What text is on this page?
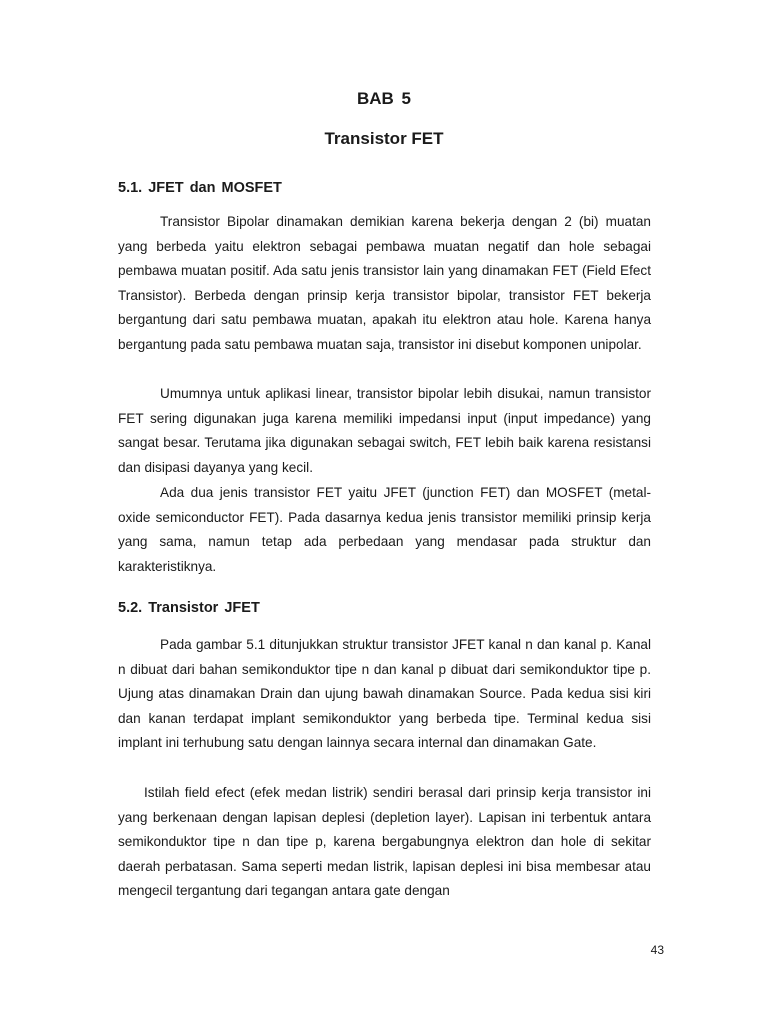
BAB 5
Transistor FET
5.1. JFET dan MOSFET

Transistor Bipolar dinamakan demikian karena bekerja dengan 2 (bi) muatan yang berbeda yaitu elektron sebagai pembawa muatan negatif dan hole sebagai pembawa muatan positif. Ada satu jenis transistor lain yang dinamakan FET (Field Efect Transistor). Berbeda dengan prinsip kerja transistor bipolar, transistor FET bekerja bergantung dari satu pembawa muatan, apakah itu elektron atau hole. Karena hanya bergantung pada satu pembawa muatan saja, transistor ini disebut komponen unipolar.

Umumnya untuk aplikasi linear, transistor bipolar lebih disukai, namun transistor FET sering digunakan juga karena memiliki impedansi input (input impedance) yang sangat besar. Terutama jika digunakan sebagai switch, FET lebih baik karena resistansi dan disipasi dayanya yang kecil.

Ada dua jenis transistor FET yaitu JFET (junction FET) dan MOSFET (metal-oxide semiconductor FET). Pada dasarnya kedua jenis transistor memiliki prinsip kerja yang sama, namun tetap ada perbedaan yang mendasar pada struktur dan karakteristiknya.

5.2. Transistor JFET

Pada gambar 5.1 ditunjukkan struktur transistor JFET kanal n dan kanal p. Kanal n dibuat dari bahan semikonduktor tipe n dan kanal p dibuat dari semikonduktor tipe p. Ujung atas dinamakan Drain dan ujung bawah dinamakan Source. Pada kedua sisi kiri dan kanan terdapat implant semikonduktor yang berbeda tipe. Terminal kedua sisi implant ini terhubung satu dengan lainnya secara internal dan dinamakan Gate.

Istilah field efect (efek medan listrik) sendiri berasal dari prinsip kerja transistor ini yang berkenaan dengan lapisan deplesi (depletion layer). Lapisan ini terbentuk antara semikonduktor tipe n dan tipe p, karena bergabungnya elektron dan hole di sekitar daerah perbatasan. Sama seperti medan listrik, lapisan deplesi ini bisa membesar atau mengecil tergantung dari tegangan antara gate dengan

43
